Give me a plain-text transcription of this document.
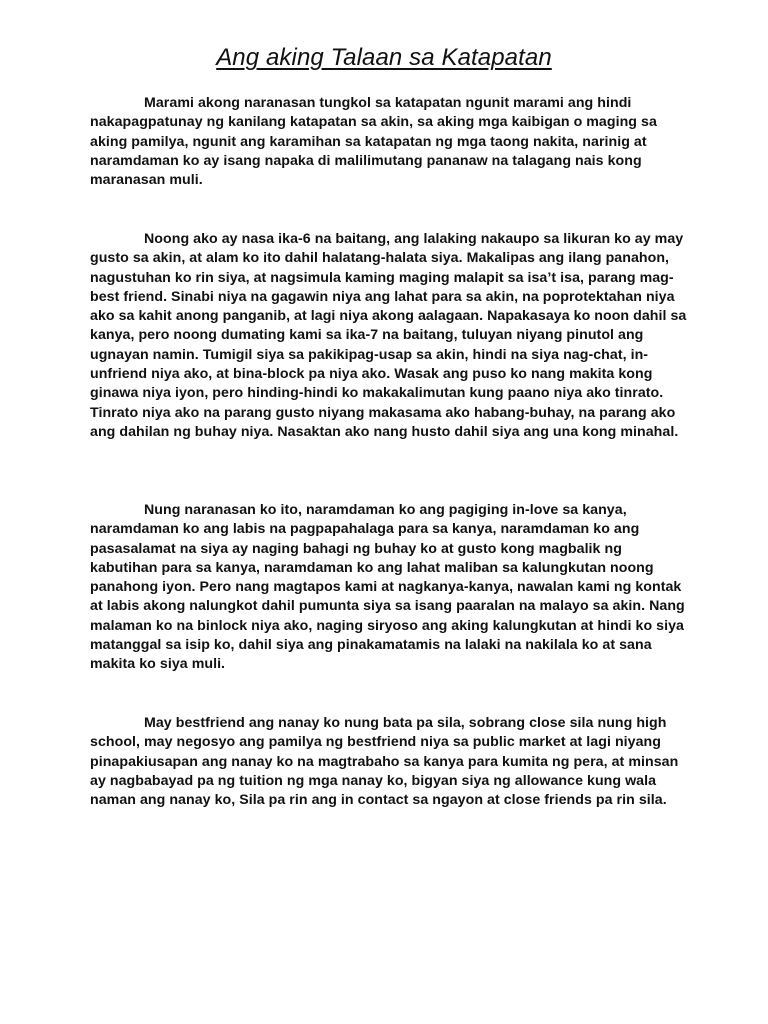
Ang aking Talaan sa Katapatan

Marami akong naranasan tungkol sa katapatan ngunit marami ang hindi nakapagpatunay ng kanilang katapatan sa akin, sa aking mga kaibigan o maging sa aking pamilya, ngunit ang karamihan sa katapatan ng mga taong nakita, narinig at naramdaman ko ay isang napaka di malilimutang pananaw na talagang nais kong maranasan muli.

Noong ako ay nasa ika-6 na baitang, ang lalaking nakaupo sa likuran ko ay may gusto sa akin, at alam ko ito dahil halatang-halata siya. Makalipas ang ilang panahon, nagustuhan ko rin siya, at nagsimula kaming maging malapit sa isa’t isa, parang mag-best friend. Sinabi niya na gagawin niya ang lahat para sa akin, na poprotektahan niya ako sa kahit anong panganib, at lagi niya akong aalagaan. Napakasaya ko noon dahil sa kanya, pero noong dumating kami sa ika-7 na baitang, tuluyan niyang pinutol ang ugnayan namin. Tumigil siya sa pakikipag-usap sa akin, hindi na siya nag-chat, in-unfriend niya ako, at bina-block pa niya ako. Wasak ang puso ko nang makita kong ginawa niya iyon, pero hinding-hindi ko makakalimutan kung paano niya ako tinrato. Tinrato niya ako na parang gusto niyang makasama ako habang-buhay, na parang ako ang dahilan ng buhay niya. Nasaktan ako nang husto dahil siya ang una kong minahal.

Nung naranasan ko ito, naramdaman ko ang pagiging in-love sa kanya, naramdaman ko ang labis na pagpapahalaga para sa kanya, naramdaman ko ang pasasalamat na siya ay naging bahagi ng buhay ko at gusto kong magbalik ng kabutihan para sa kanya, naramdaman ko ang lahat maliban sa kalungkutan noong panahong iyon. Pero nang magtapos kami at nagkanya-kanya, nawalan kami ng kontak at labis akong nalungkot dahil pumunta siya sa isang paaralan na malayo sa akin. Nang malaman ko na binlock niya ako, naging siryoso ang aking kalungkutan at hindi ko siya matanggal sa isip ko, dahil siya ang pinakamatamis na lalaki na nakilala ko at sana makita ko siya muli.

May bestfriend ang nanay ko nung bata pa sila, sobrang close sila nung high school, may negosyo ang pamilya ng bestfriend niya sa public market at lagi niyang pinapakiusapan ang nanay ko na magtrabaho sa kanya para kumita ng pera, at minsan ay nagbabayad pa ng tuition ng mga nanay ko, bigyan siya ng allowance kung wala naman ang nanay ko, Sila pa rin ang in contact sa ngayon at close friends pa rin sila.
